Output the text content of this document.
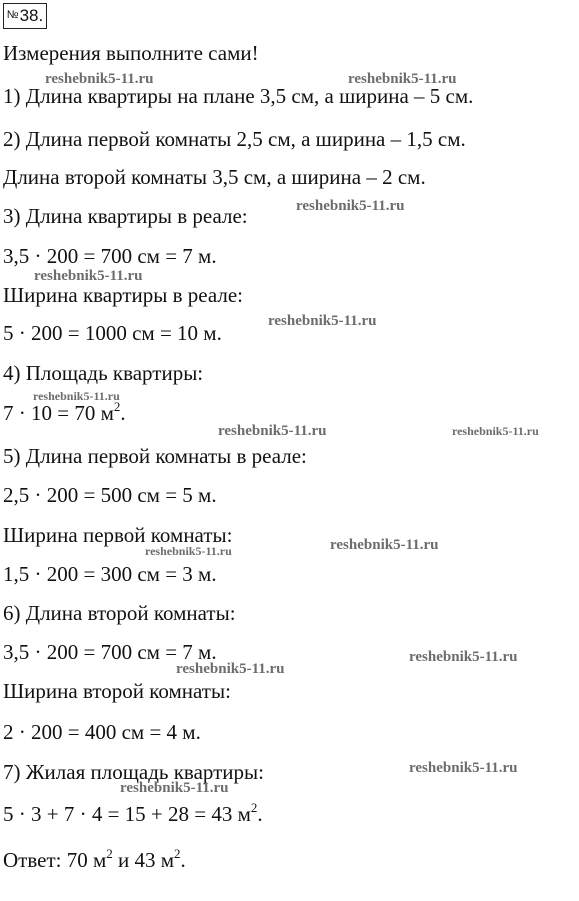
№ 38.
Измерения выполните сами!
1) Длина квартиры на плане 3,5 см, а ширина – 5 см.
2) Длина первой комнаты 2,5 см, а ширина – 1,5 см.
Длина второй комнаты 3,5 см, а ширина – 2 см.
3) Длина квартиры в реале:
3,5 · 200 = 700 см = 7 м.
Ширина квартиры в реале:
5 · 200 = 1000 см = 10 м.
4) Площадь квартиры:
7 · 10 = 70 $м^2$.
5) Длина первой комнаты в реале:
2,5 · 200 = 500 см = 5 м.
Ширина первой комнаты:
1,5 · 200 = 300 см = 3 м.
6) Длина второй комнаты:
3,5 · 200 = 700 см = 7 м.
Ширина второй комнаты:
2 · 200 = 400 см = 4 м.
7) Жилая площадь квартиры:
5 · 3 + 7 · 4 = 15 + 28 = 43 $м^2$.
Ответ: 70 $м^2$ и 43 $м^2$.
reshebnik5-11.ru	reshebnik5-11.ru
reshebnik5-11.ru
reshebnik5-11.ru
reshebnik5-11.ru
reshebnik5-11.ru
reshebnik5-11.ru	reshebnik5-11.ru
reshebnik5-11.ru	reshebnik5-11.ru
reshebnik5-11.ru
reshebnik5-11.ru
reshebnik5-11.ru
reshebnik5-11.ru
